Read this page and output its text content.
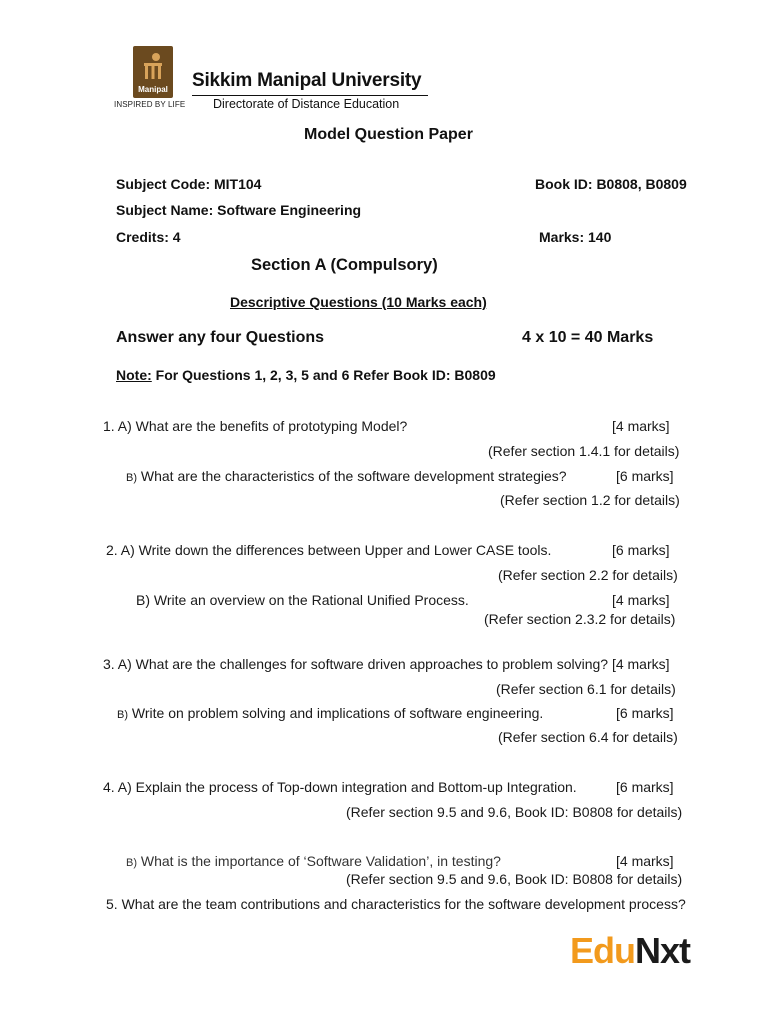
Manipal
INSPIRED BY LIFE
Sikkim Manipal University
Directorate of Distance Education
Model Question Paper
Subject Code: MIT104	Book ID: B0808, B0809
Subject Name: Software Engineering
Credits: 4	Marks: 140
Section A (Compulsory)
Descriptive Questions (10 Marks each)
Answer any four Questions	4 x 10 = 40 Marks
Note: For Questions 1, 2, 3, 5 and 6 Refer Book ID: B0809
1. A) What are the benefits of prototyping Model?	[4 marks]
(Refer section 1.4.1 for details)
B) What are the characteristics of the software development strategies?	[6 marks]
(Refer section 1.2 for details)
2. A) Write down the differences between Upper and Lower CASE tools.	[6 marks]
(Refer section 2.2 for details)
B) Write an overview on the Rational Unified Process.	[4 marks]
(Refer section 2.3.2 for details)
3. A) What are the challenges for software driven approaches to problem solving? [4 marks]
(Refer section 6.1 for details)
B) Write on problem solving and implications of software engineering.	[6 marks]
(Refer section 6.4 for details)
4. A) Explain the process of Top-down integration and Bottom-up Integration.	[6 marks]
(Refer section 9.5 and 9.6, Book ID: B0808 for details)
B) What is the importance of ‘Software Validation’, in testing?	[4 marks]
(Refer section 9.5 and 9.6, Book ID: B0808 for details)
5. What are the team contributions and characteristics for the software development process?
EduNxt
